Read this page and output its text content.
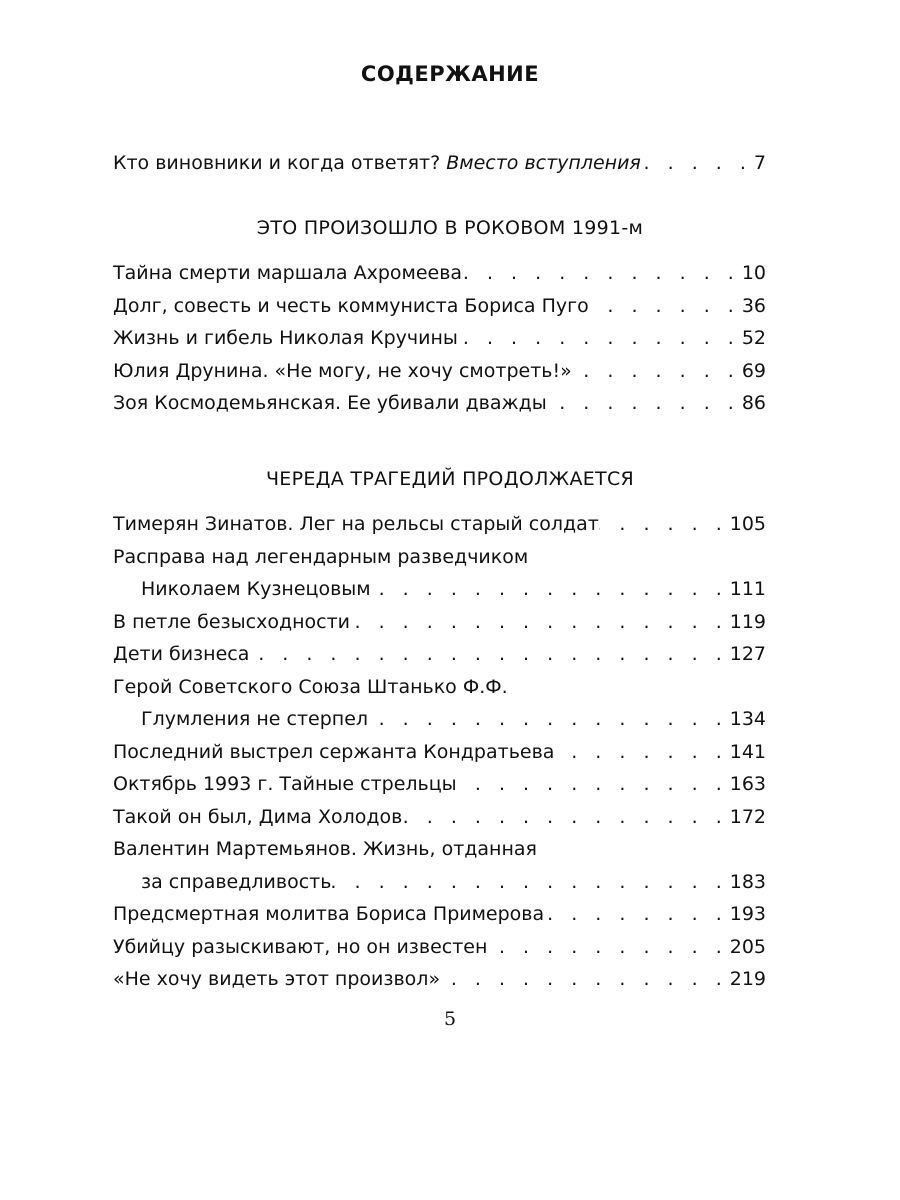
СОДЕРЖАНИЕ
Кто виновники и когда ответят? Вместо вступления . . .	7
ЭТО ПРОИЗОШЛО В РОКОВОМ 1991-м
Тайна смерти маршала Ахромеева . . .	10
Долг, совесть и честь коммуниста Бориса Пуго . . .	36
Жизнь и гибель Николая Кручины . . .	52
Юлия Друнина. «Не могу, не хочу смотреть!» . . .	69
Зоя Космодемьянская. Ее убивали дважды . . .	86
ЧЕРЕДА ТРАГЕДИЙ ПРОДОЛЖАЕТСЯ
Тимерян Зинатов. Лег на рельсы старый солдат . . .	105
Расправа над легендарным разведчиком
Николаем Кузнецовым . . .	111
В петле безысходности . . .	119
Дети бизнеса . . .	127
Герой Советского Союза Штанько Ф.Ф.
Глумления не стерпел . . .	134
Последний выстрел сержанта Кондратьева . . .	141
Октябрь 1993 г. Тайные стрельцы . . .	163
Такой он был, Дима Холодов . . .	172
Валентин Мартемьянов. Жизнь, отданная
за справедливость . . .	183
Предсмертная молитва Бориса Примерова . . .	193
Убийцу разыскивают, но он известен . . .	205
«Не хочу видеть этот произвол» . . .	219
5
